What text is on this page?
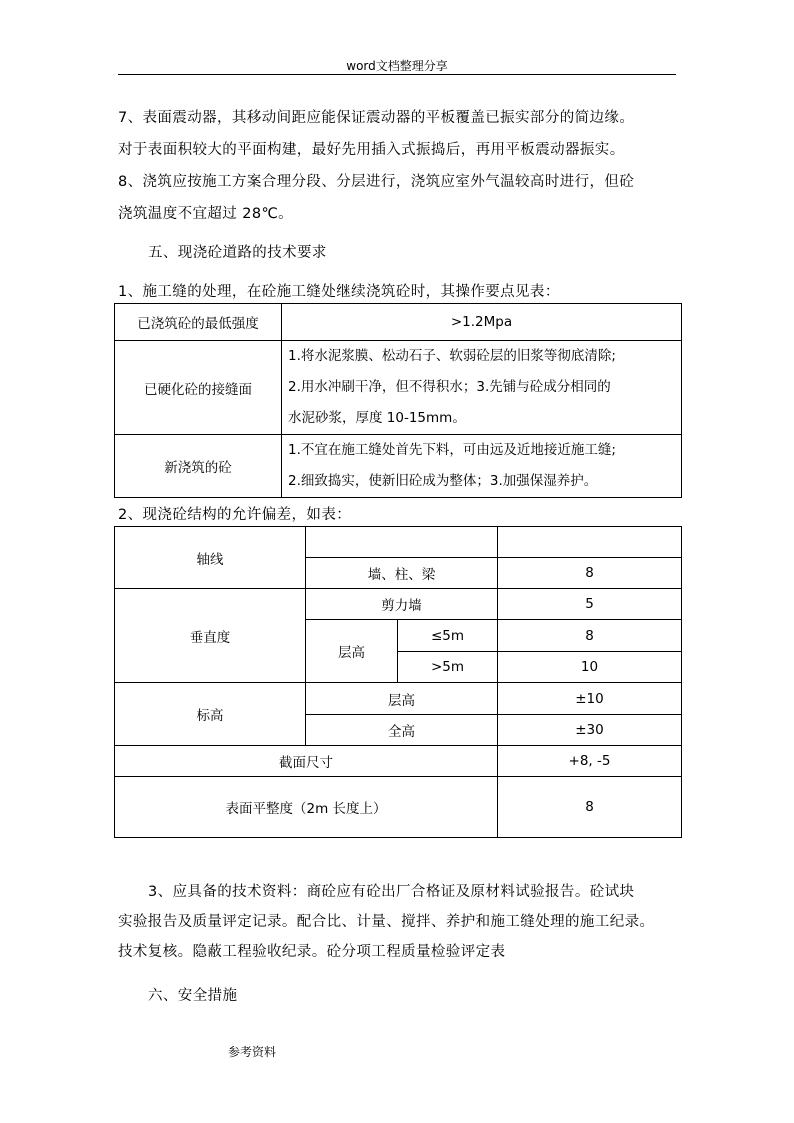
word文档整理分享
7、表面震动器，其移动间距应能保证震动器的平板覆盖已振实部分的简边缘。
对于表面积较大的平面构建，最好先用插入式振捣后，再用平板震动器振实。
8、浇筑应按施工方案合理分段、分层进行，浇筑应室外气温较高时进行，但砼
浇筑温度不宜超过 28℃。
五、现浇砼道路的技术要求
1、施工缝的处理，在砼施工缝处继续浇筑砼时，其操作要点见表：
已浇筑砼的最低强度	>1.2Mpa
已硬化砼的接缝面	1.将水泥浆膜、松动石子、软弱砼层的旧浆等彻底清除;
2.用水冲刷干净，但不得积水；3.先铺与砼成分相同的
水泥砂浆，厚度 10-15mm。

新浇筑的砼	1.不宜在施工缝处首先下料，可由远及近地接近施工缝;
2.细致捣实，使新旧砼成为整体；3.加强保湿养护。
2、现浇砼结构的允许偏差，如表：
轴线			
	墙、柱、梁		8
垂直度	剪力墙		5
	层高	≤5m	8
		>5m	10
标高	层高		±10
	全高		±30
截面尺寸			+8, -5
表面平整度（2m 长度上）			8
3、应具备的技术资料：商砼应有砼出厂合格证及原材料试验报告。砼试块
实验报告及质量评定记录。配合比、计量、搅拌、养护和施工缝处理的施工纪录。
技术复核。隐蔽工程验收纪录。砼分项工程质量检验评定表
六、安全措施
参考资料
